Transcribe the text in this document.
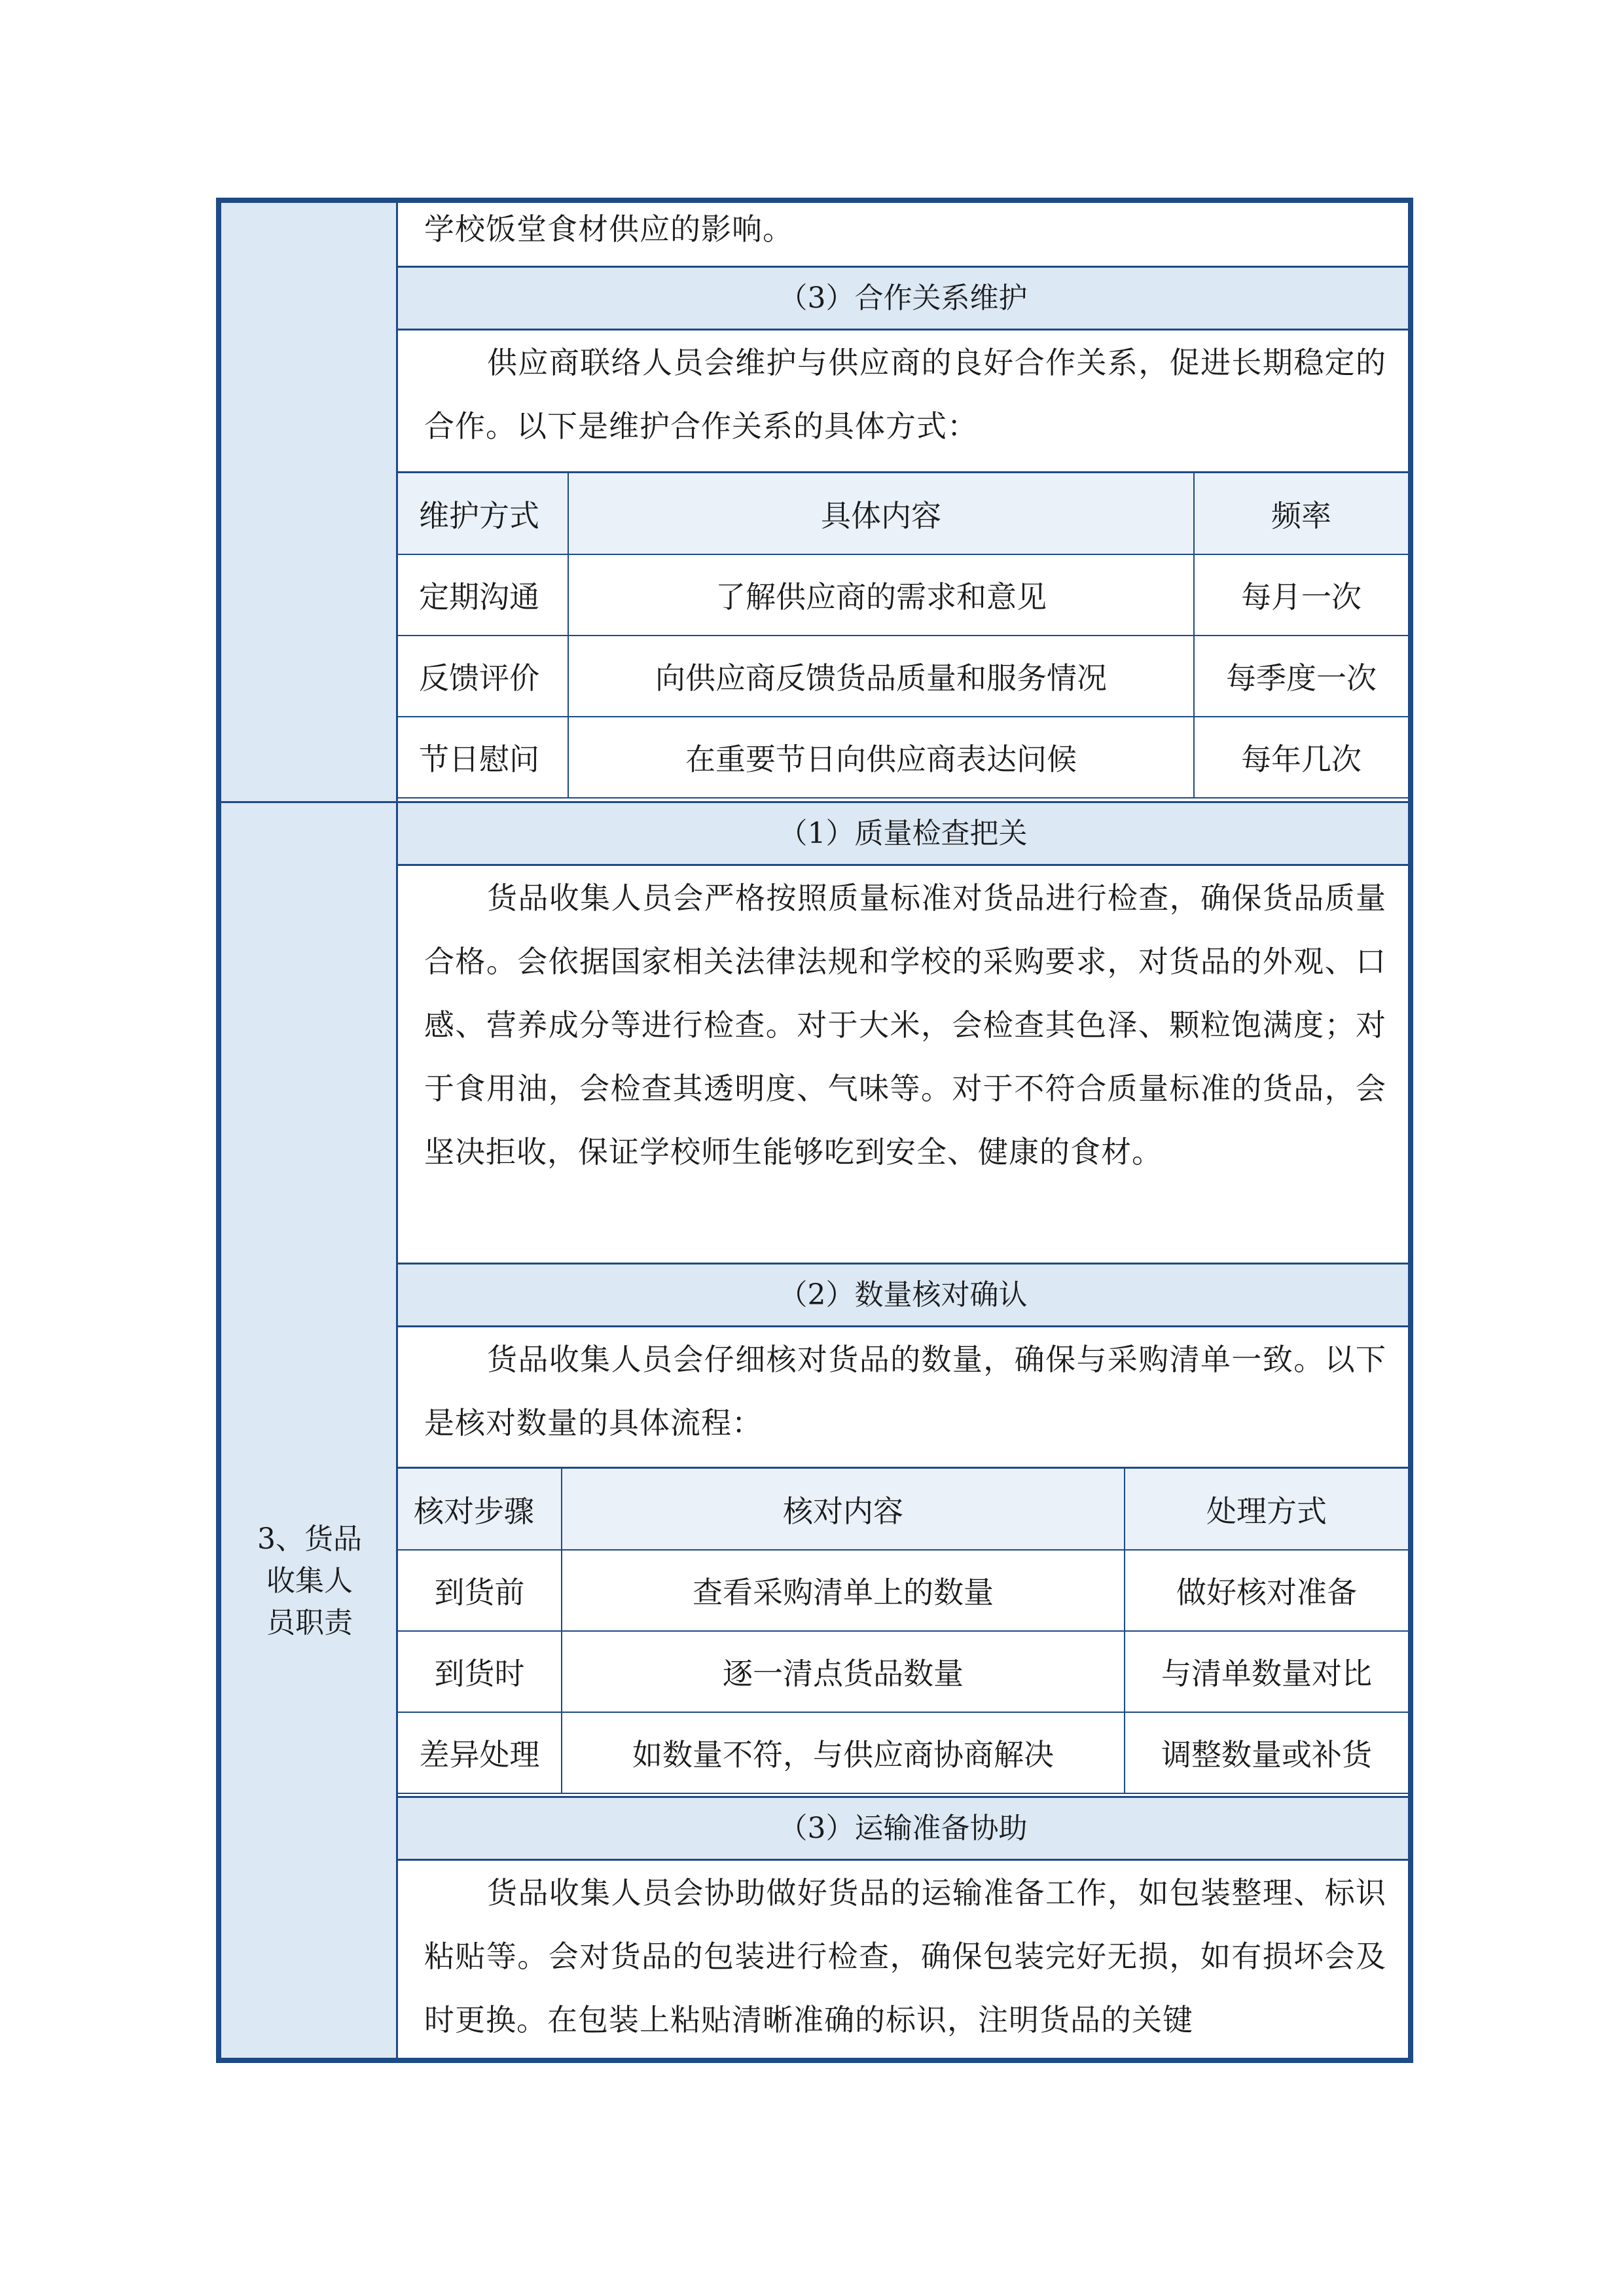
3、货品
收集人
员职责
学校饭堂食材供应的影响。
（3）合作关系维护
供应商联络人员会维护与供应商的良好合作关系，促进长期稳定的合作。以下是维护合作关系的具体方式：
维护方式	具体内容	频率
定期沟通	了解供应商的需求和意见	每月一次
反馈评价	向供应商反馈货品质量和服务情况	每季度一次
节日慰问	在重要节日向供应商表达问候	每年几次
（1）质量检查把关
货品收集人员会严格按照质量标准对货品进行检查，确保货品质量合格。会依据国家相关法律法规和学校的采购要求，对货品的外观、口感、营养成分等进行检查。对于大米，会检查其色泽、颗粒饱满度；对于食用油，会检查其透明度、气味等。对于不符合质量标准的货品，会坚决拒收，保证学校师生能够吃到安全、健康的食材。
（2）数量核对确认
货品收集人员会仔细核对货品的数量，确保与采购清单一致。以下是核对数量的具体流程：
核对步骤	核对内容	处理方式
到货前	查看采购清单上的数量	做好核对准备
到货时	逐一清点货品数量	与清单数量对比
差异处理	如数量不符，与供应商协商解决	调整数量或补货
（3）运输准备协助
货品收集人员会协助做好货品的运输准备工作，如包装整理、标识粘贴等。会对货品的包装进行检查，确保包装完好无损，如有损坏会及时更换。在包装上粘贴清晰准确的标识，注明货品的关键
